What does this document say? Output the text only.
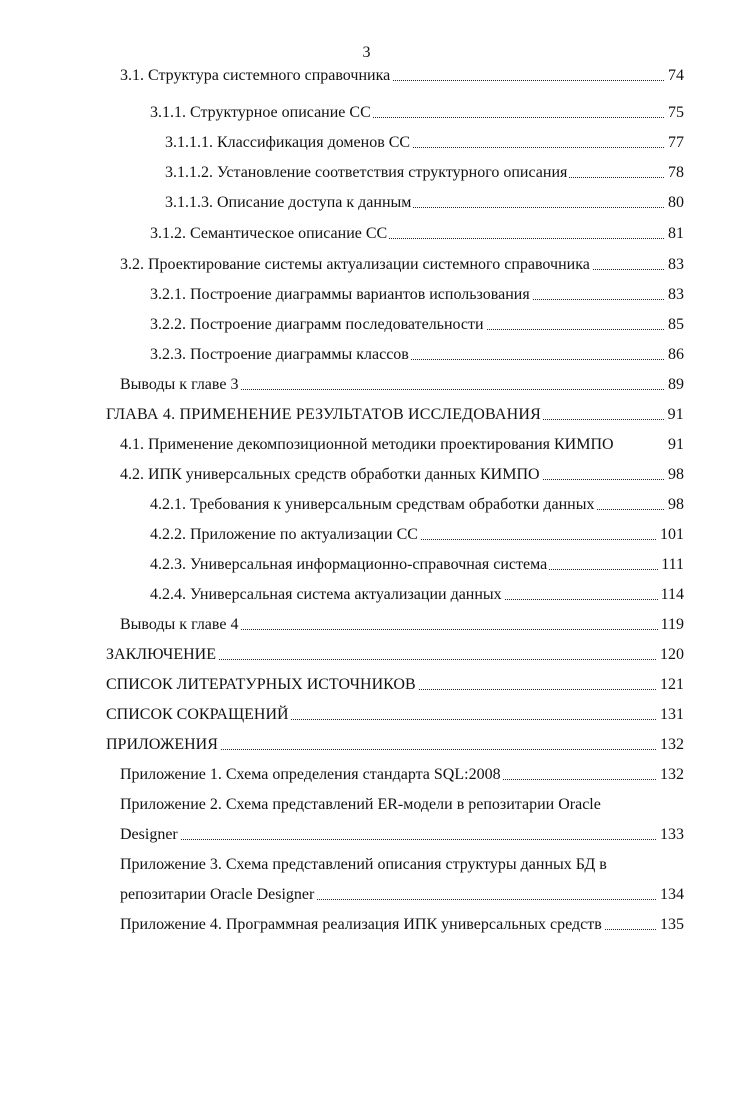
3
3.1. Структура системного справочника	74
3.1.1. Структурное описание СС	75
3.1.1.1. Классификация доменов СС	77
3.1.1.2. Установление соответствия структурного описания	78
3.1.1.3. Описание доступа к данным	80
3.1.2. Семантическое описание СС	81
3.2. Проектирование системы актуализации системного справочника	83
3.2.1. Построение диаграммы вариантов использования	83
3.2.2. Построение диаграмм последовательности	85
3.2.3. Построение диаграммы классов	86
Выводы к главе 3	89
ГЛАВА 4. ПРИМЕНЕНИЕ РЕЗУЛЬТАТОВ ИССЛЕДОВАНИЯ	91
4.1. Применение декомпозиционной методики проектирования КИМПО	91
4.2. ИПК универсальных средств обработки данных КИМПО	98
4.2.1. Требования к универсальным средствам обработки данных	98
4.2.2. Приложение по актуализации СС	101
4.2.3. Универсальная информационно-справочная система	111
4.2.4. Универсальная система актуализации данных	114
Выводы к главе 4	119
ЗАКЛЮЧЕНИЕ	120
СПИСОК ЛИТЕРАТУРНЫХ ИСТОЧНИКОВ	121
СПИСОК СОКРАЩЕНИЙ	131
ПРИЛОЖЕНИЯ	132
Приложение 1. Схема определения стандарта SQL:2008	132
Приложение 2. Схема представлений ER-модели в репозитарии Oracle
Designer	133
Приложение 3. Схема представлений описания структуры данных БД в
репозитарии Oracle Designer	134
Приложение 4. Программная реализация ИПК универсальных средств	135
